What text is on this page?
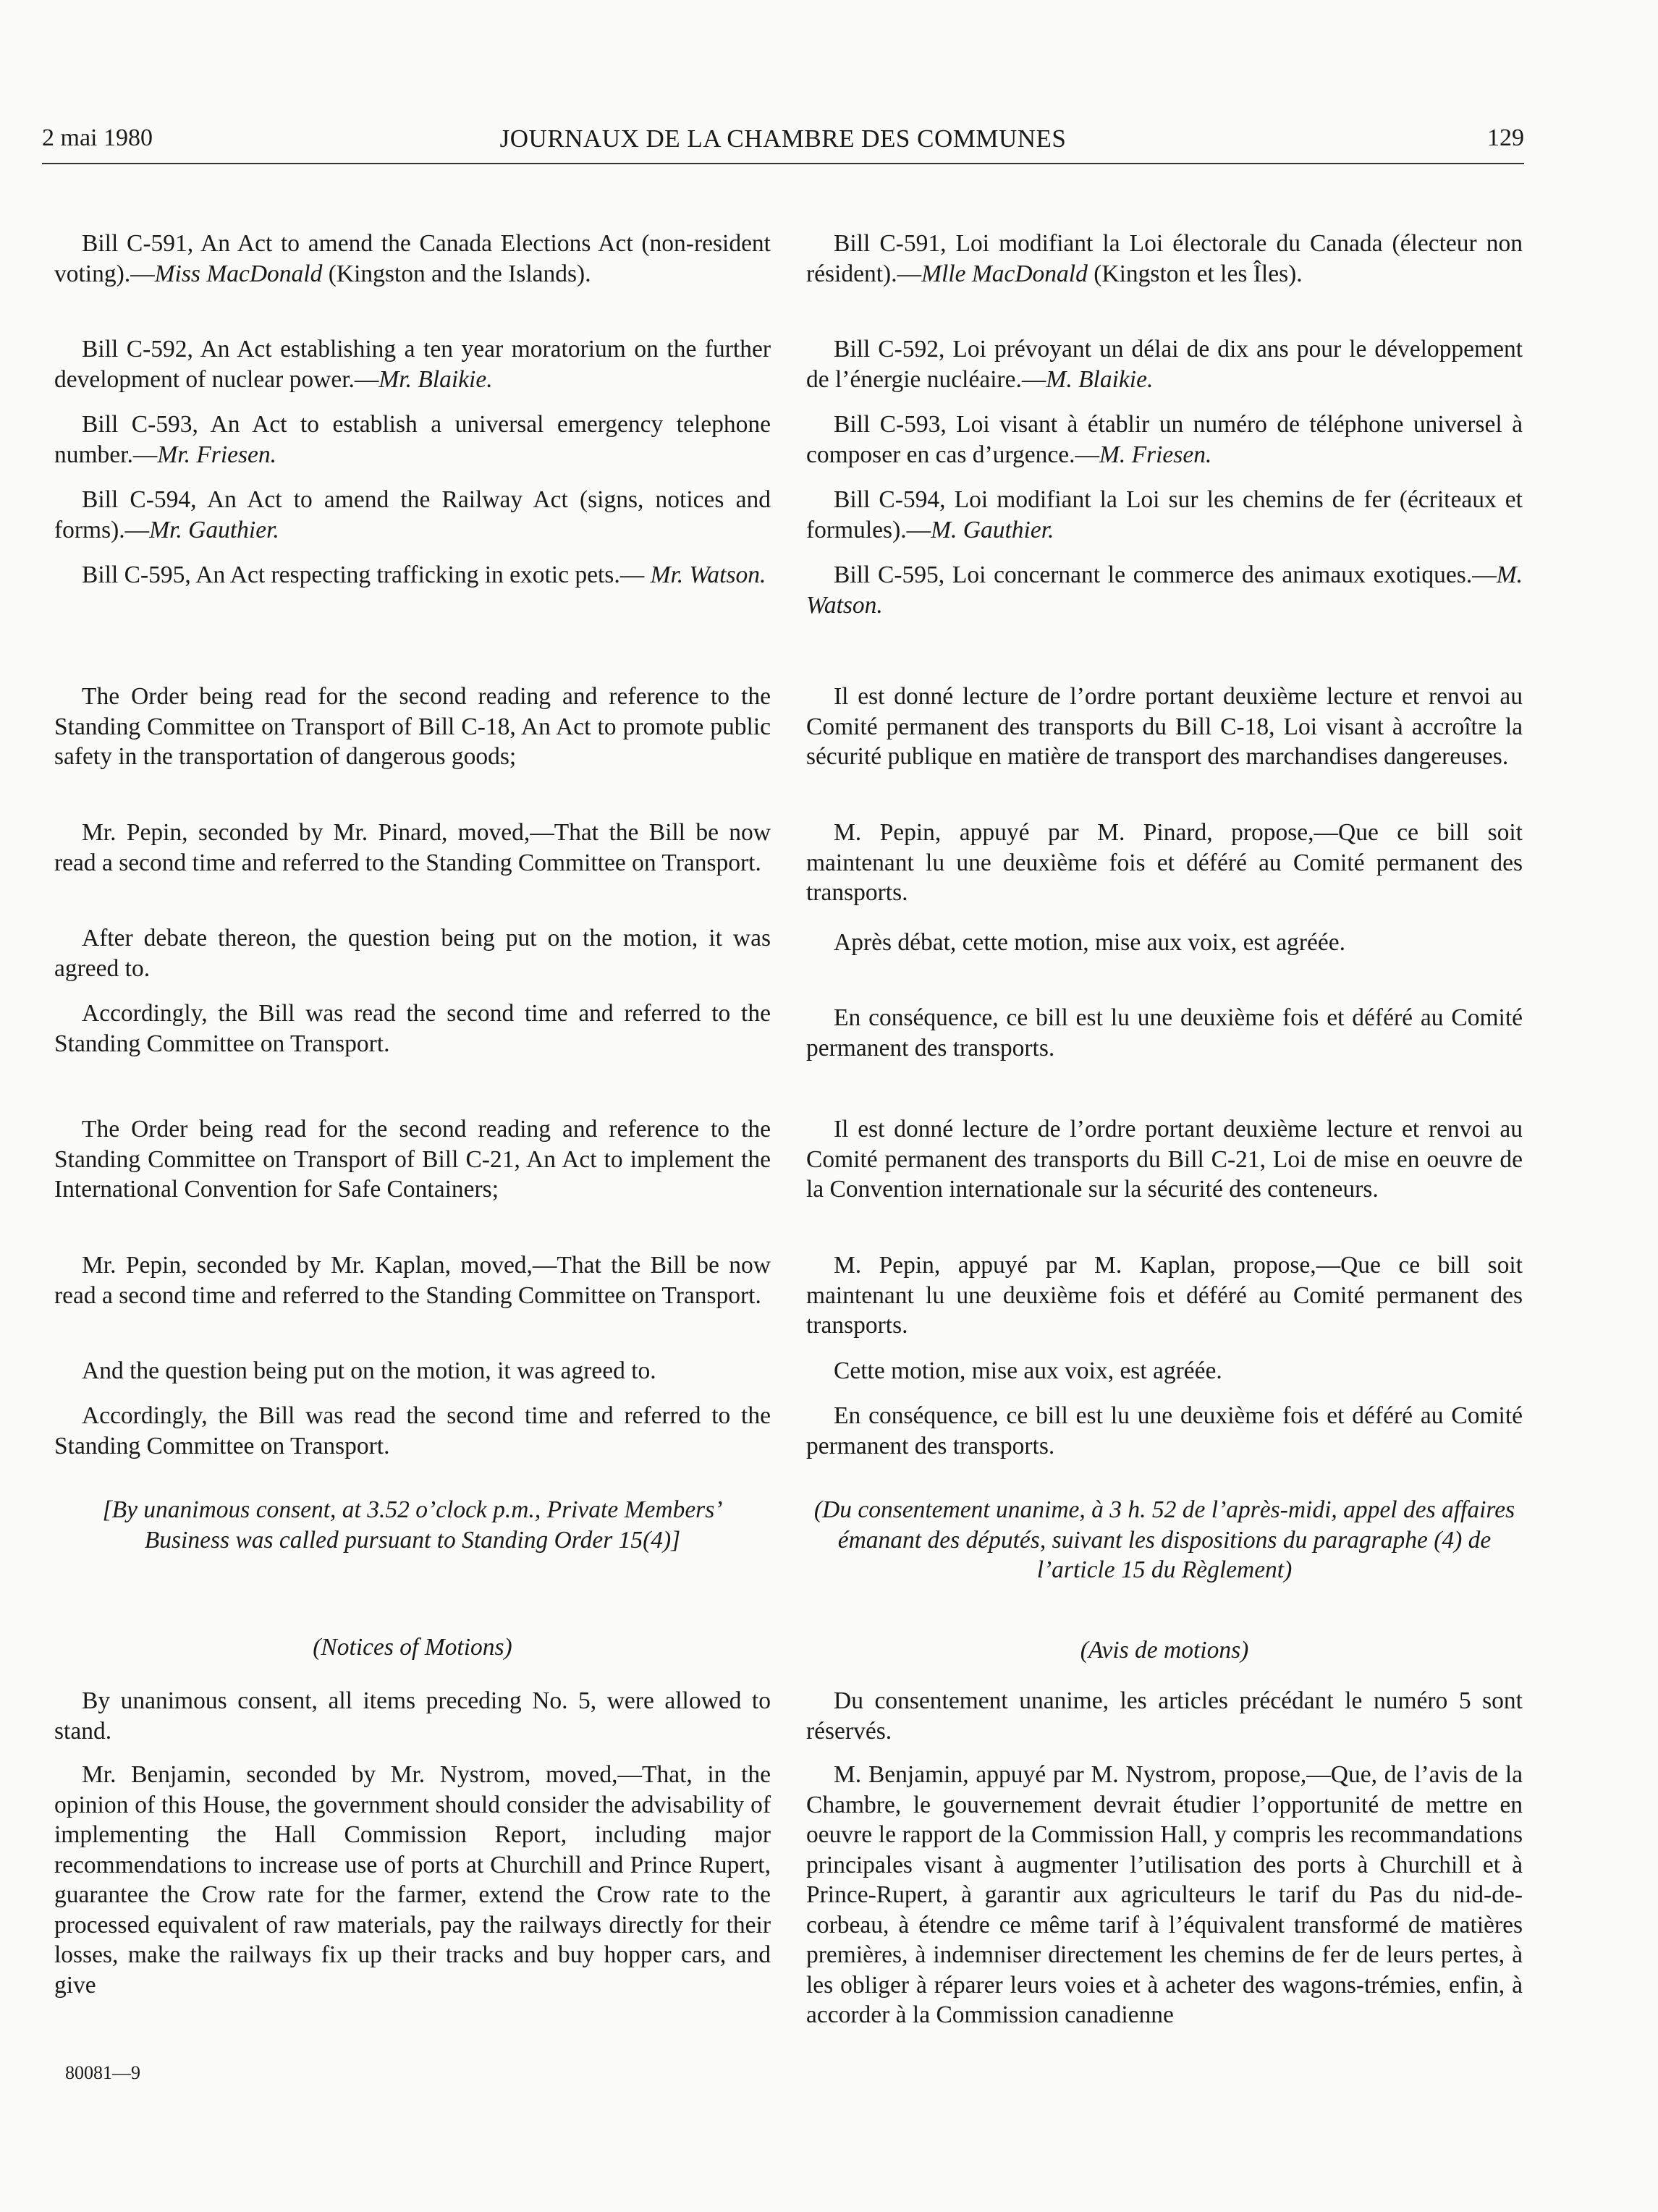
2 mai 1980	JOURNAUX DE LA CHAMBRE DES COMMUNES	129

Bill C-591, An Act to amend the Canada Elections Act (non-resident voting).—Miss MacDonald (Kingston and the Islands).

Bill C-592, An Act establishing a ten year moratorium on the further development of nuclear power.—Mr. Blaikie.

Bill C-593, An Act to establish a universal emergency telephone number.—Mr. Friesen.

Bill C-594, An Act to amend the Railway Act (signs, notices and forms).—Mr. Gauthier.

Bill C-595, An Act respecting trafficking in exotic pets.— Mr. Watson.

The Order being read for the second reading and reference to the Standing Committee on Transport of Bill C-18, An Act to promote public safety in the transportation of dangerous goods;

Mr. Pepin, seconded by Mr. Pinard, moved,—That the Bill be now read a second time and referred to the Standing Committee on Transport.

After debate thereon, the question being put on the motion, it was agreed to.

Accordingly, the Bill was read the second time and referred to the Standing Committee on Transport.

The Order being read for the second reading and reference to the Standing Committee on Transport of Bill C-21, An Act to implement the International Convention for Safe Containers;

Mr. Pepin, seconded by Mr. Kaplan, moved,—That the Bill be now read a second time and referred to the Standing Committee on Transport.

And the question being put on the motion, it was agreed to.

Accordingly, the Bill was read the second time and referred to the Standing Committee on Transport.

[By unanimous consent, at 3.52 o’clock p.m., Private Members’ Business was called pursuant to Standing Order 15(4)]

(Notices of Motions)

By unanimous consent, all items preceding No. 5, were allowed to stand.

Mr. Benjamin, seconded by Mr. Nystrom, moved,—That, in the opinion of this House, the government should consider the advisability of implementing the Hall Commission Report, including major recommendations to increase use of ports at Churchill and Prince Rupert, guarantee the Crow rate for the farmer, extend the Crow rate to the processed equivalent of raw materials, pay the railways directly for their losses, make the railways fix up their tracks and buy hopper cars, and give

Bill C-591, Loi modifiant la Loi électorale du Canada (électeur non résident).—Mlle MacDonald (Kingston et les Îles).

Bill C-592, Loi prévoyant un délai de dix ans pour le développement de l’énergie nucléaire.—M. Blaikie.

Bill C-593, Loi visant à établir un numéro de téléphone universel à composer en cas d’urgence.—M. Friesen.

Bill C-594, Loi modifiant la Loi sur les chemins de fer (écriteaux et formules).—M. Gauthier.

Bill C-595, Loi concernant le commerce des animaux exotiques.—M. Watson.

Il est donné lecture de l’ordre portant deuxième lecture et renvoi au Comité permanent des transports du Bill C-18, Loi visant à accroître la sécurité publique en matière de transport des marchandises dangereuses.

M. Pepin, appuyé par M. Pinard, propose,—Que ce bill soit maintenant lu une deuxième fois et déféré au Comité permanent des transports.

Après débat, cette motion, mise aux voix, est agréée.

En conséquence, ce bill est lu une deuxième fois et déféré au Comité permanent des transports.

Il est donné lecture de l’ordre portant deuxième lecture et renvoi au Comité permanent des transports du Bill C-21, Loi de mise en oeuvre de la Convention internationale sur la sécurité des conteneurs.

M. Pepin, appuyé par M. Kaplan, propose,—Que ce bill soit maintenant lu une deuxième fois et déféré au Comité permanent des transports.

Cette motion, mise aux voix, est agréée.

En conséquence, ce bill est lu une deuxième fois et déféré au Comité permanent des transports.

(Du consentement unanime, à 3 h. 52 de l’après-midi, appel des affaires émanant des députés, suivant les dispositions du paragraphe (4) de l’article 15 du Règlement)

(Avis de motions)

Du consentement unanime, les articles précédant le numéro 5 sont réservés.

M. Benjamin, appuyé par M. Nystrom, propose,—Que, de l’avis de la Chambre, le gouvernement devrait étudier l’opportunité de mettre en oeuvre le rapport de la Commission Hall, y compris les recommandations principales visant à augmenter l’utilisation des ports à Churchill et à Prince-Rupert, à garantir aux agriculteurs le tarif du Pas du nid-de-corbeau, à étendre ce même tarif à l’équivalent transformé de matières premières, à indemniser directement les chemins de fer de leurs pertes, à les obliger à réparer leurs voies et à acheter des wagons-trémies, enfin, à accorder à la Commission canadienne

80081—9
